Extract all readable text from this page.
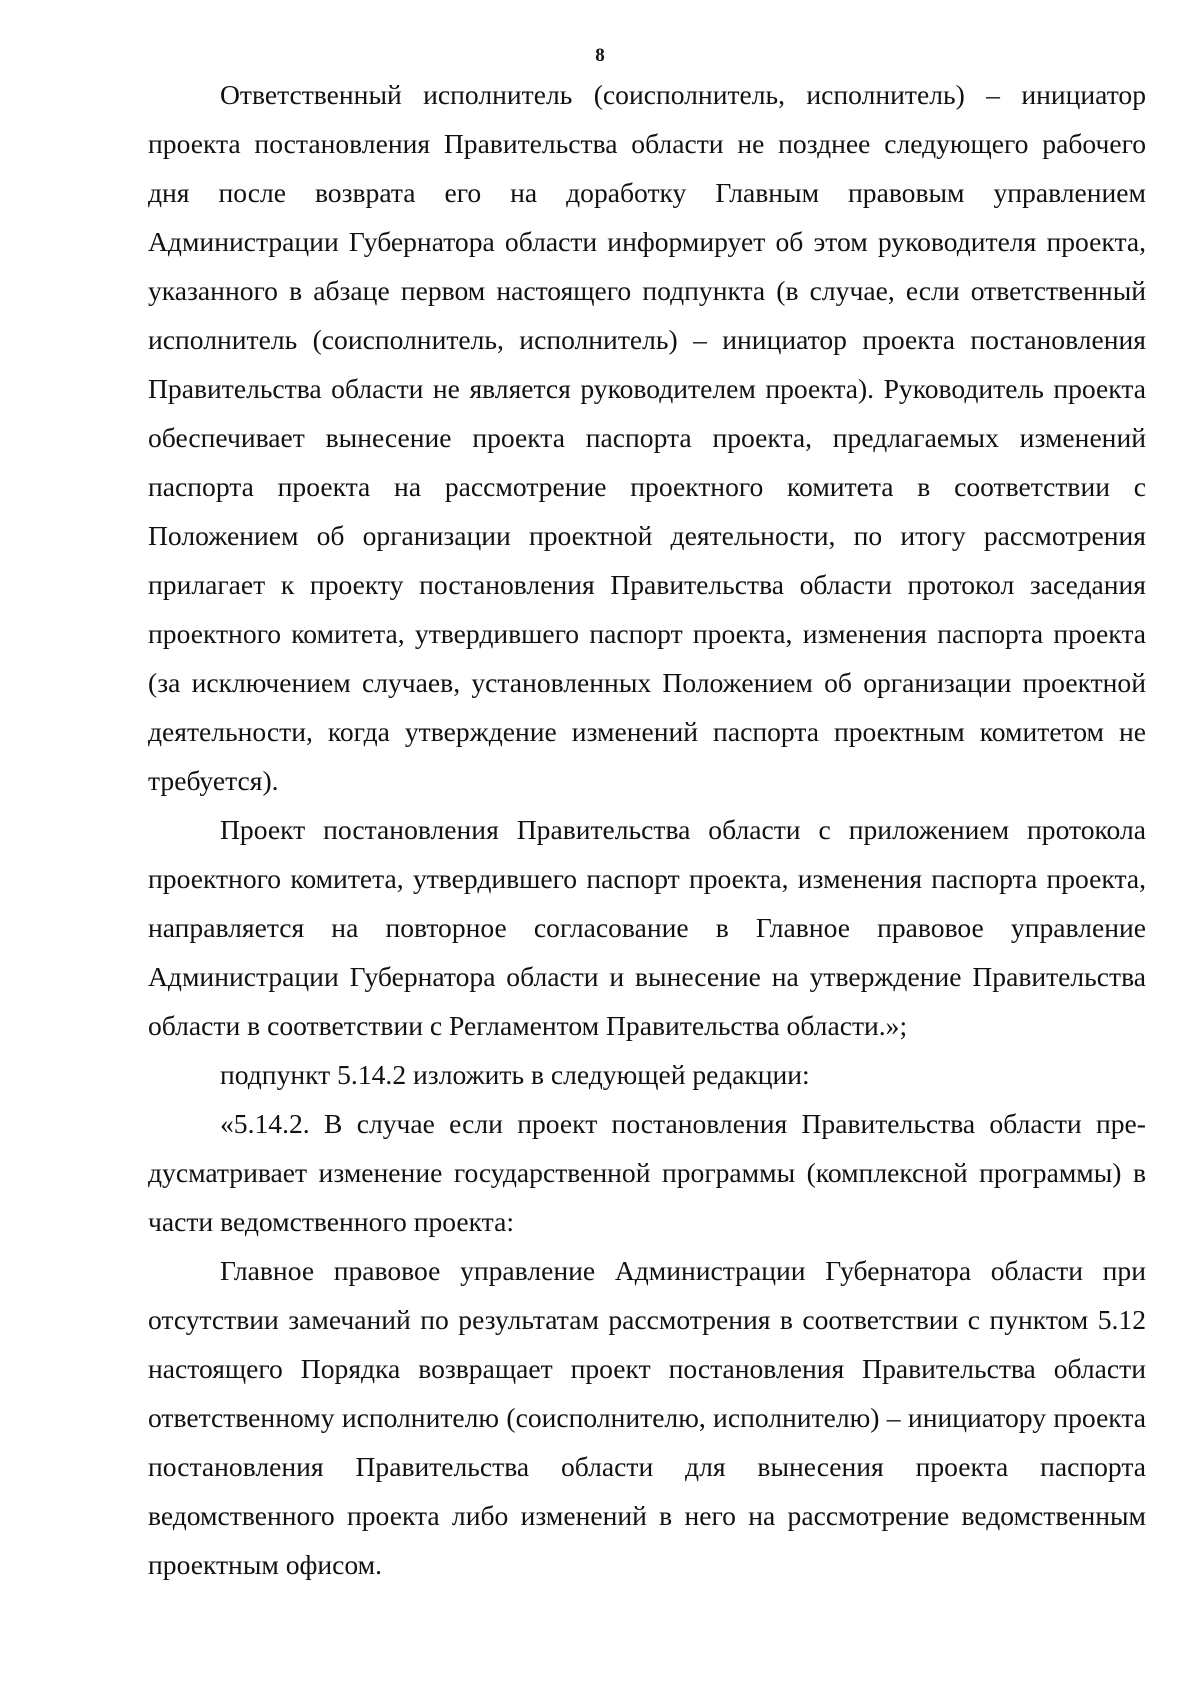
8

Ответственный исполнитель (соисполнитель, исполнитель) – инициатор проекта постановления Правительства области не позднее следующего рабочего дня после возврата его на доработку Главным правовым управлением Администрации Губернатора области информирует об этом руководителя проекта, указанного в абзаце первом настоящего подпункта (в случае, если ответственный исполнитель (соисполнитель, исполнитель) – инициатор проекта постановления Правительства области не является руководителем проекта). Руководитель проекта обеспечивает вынесение проекта паспорта проекта, предлагаемых изменений паспорта проекта на рассмотрение проектного комитета в соответствии с Положением об организации проектной деятельности, по итогу рассмотрения прилагает к проекту постановления Правительства области протокол заседания проектного комитета, утвердившего паспорт проекта, изменения паспорта проекта (за исключением случаев, установленных Положением об организации проектной деятельности, когда утверждение изменений паспорта проектным комитетом не требуется).

Проект постановления Правительства области с приложением протокола проектного комитета, утвердившего паспорт проекта, изменения паспорта проекта, направляется на повторное согласование в Главное правовое управление Администрации Губернатора области и вынесение на утверждение Правительства области в соответствии с Регламентом Правительства области.»;

подпункт 5.14.2 изложить в следующей редакции:

«5.14.2. В случае если проект постановления Правительства области предусматривает изменение государственной программы (комплексной программы) в части ведомственного проекта:

Главное правовое управление Администрации Губернатора области при отсутствии замечаний по результатам рассмотрения в соответствии с пунктом 5.12 настоящего Порядка возвращает проект постановления Правительства области ответственному исполнителю (соисполнителю, исполнителю) – инициатору проекта постановления Правительства области для вынесения проекта паспорта ведомственного проекта либо изменений в него на рассмотрение ведомственным проектным офисом.
